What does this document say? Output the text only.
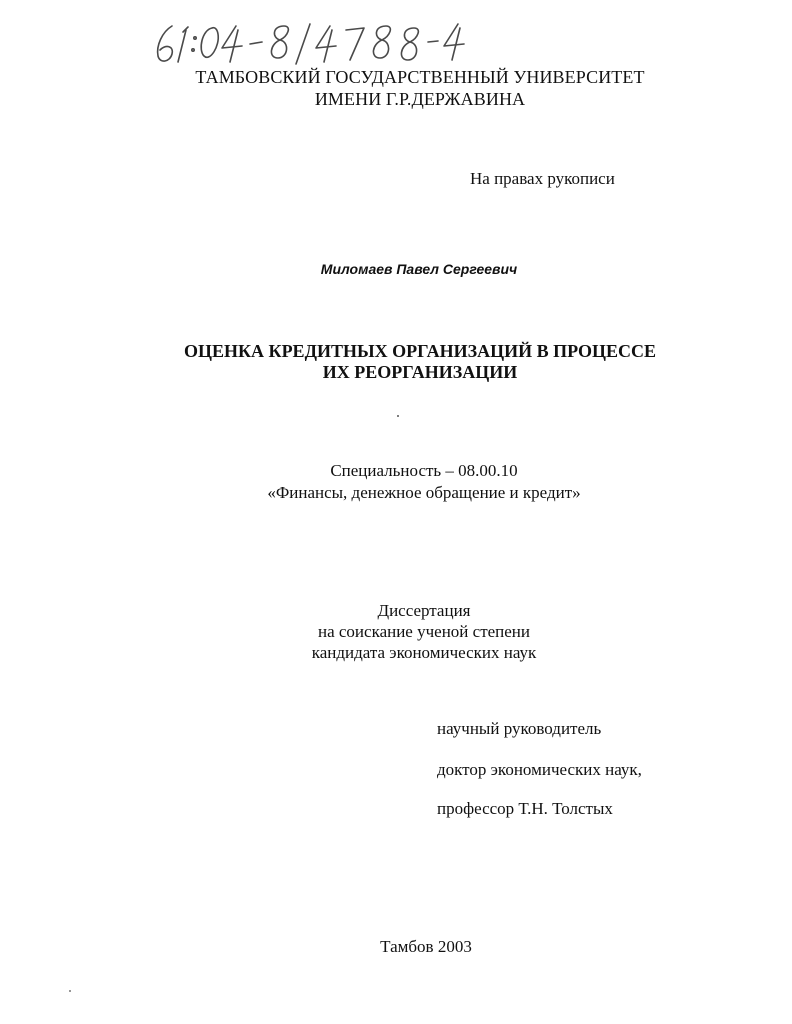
ТАМБОВСКИЙ ГОСУДАРСТВЕННЫЙ УНИВЕРСИТЕТ
ИМЕНИ Г.Р.ДЕРЖАВИНА
На правах рукописи
Миломаев Павел Сергеевич
ОЦЕНКА КРЕДИТНЫХ ОРГАНИЗАЦИЙ В ПРОЦЕССЕ
ИХ РЕОРГАНИЗАЦИИ
Специальность – 08.00.10
«Финансы, денежное обращение и кредит»
Диссертация
на соискание ученой степени
кандидата экономических наук
научный руководитель
доктор экономических наук,
профессор Т.Н. Толстых
Тамбов 2003
